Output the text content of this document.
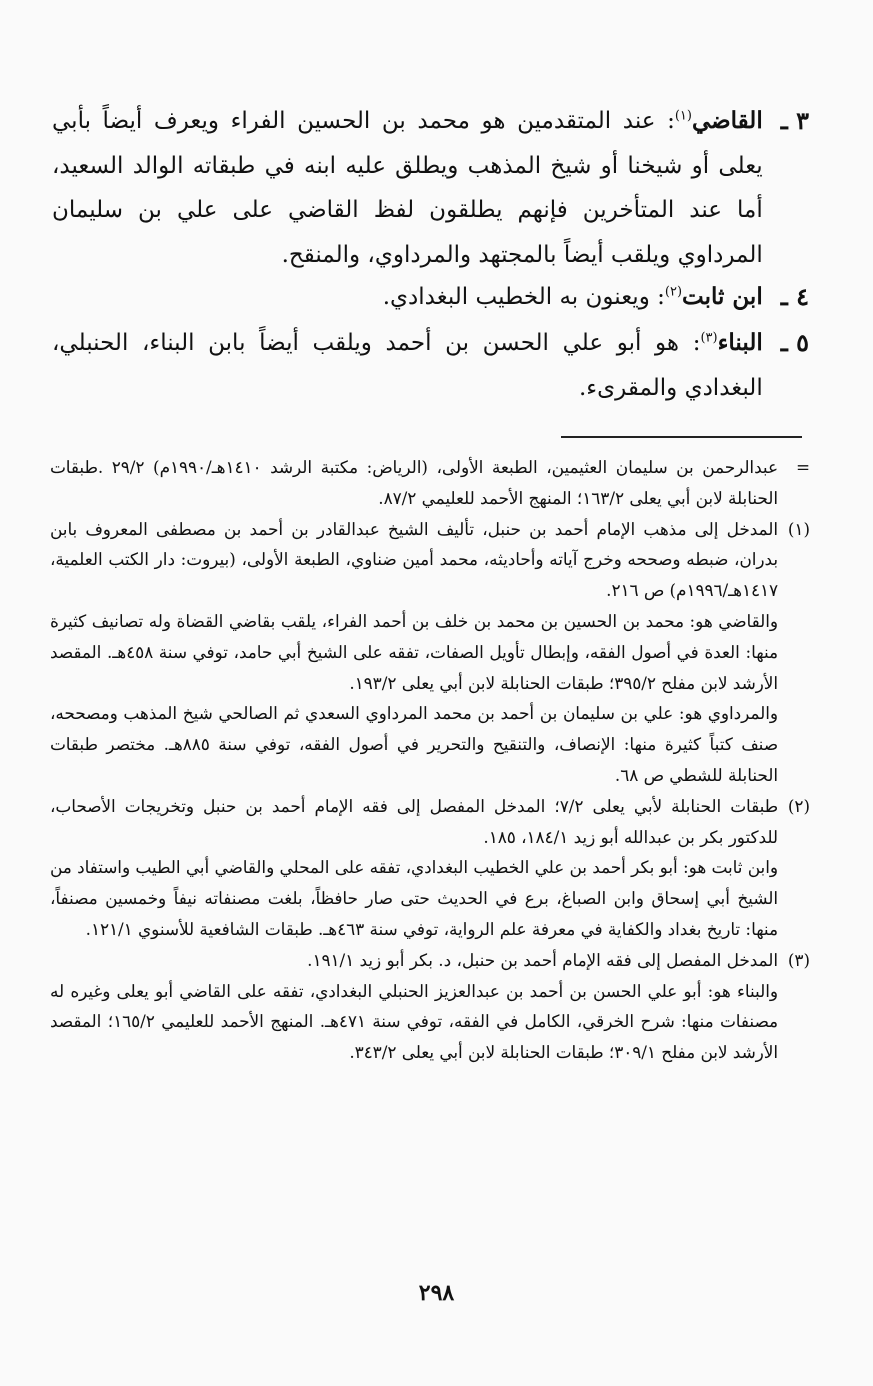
٣ ـ
القاضي$^{(١)}$: عند المتقدمين هو محمد بن الحسين الفراء ويعرف أيضاً بأبي يعلى أو شيخنا أو شيخ المذهب ويطلق عليه ابنه في طبقاته الوالد السعيد، أما عند المتأخرين فإنهم يطلقون لفظ القاضي على علي بن سليمان المرداوي ويلقب أيضاً بالمجتهد والمرداوي، والمنقح.
٤ ـ
ابن ثابت$^{(٢)}$: ويعنون به الخطيب البغدادي.
٥ ـ
البناء$^{(٣)}$: هو أبو علي الحسن بن أحمد ويلقب أيضاً بابن البناء، الحنبلي، البغدادي والمقرىء.
=

عبدالرحمن بن سليمان العثيمين، الطبعة الأولى، (الرياض: مكتبة الرشد ١٤١٠هـ/١٩٩٠م) ٢٩/٢ .طبقات الحنابلة لابن أبي يعلى ١٦٣/٢؛ المنهج الأحمد للعليمي ٨٧/٢.

(١)

المدخل إلى مذهب الإمام أحمد بن حنبل، تأليف الشيخ عبدالقادر بن أحمد بن مصطفى المعروف بابن بدران، ضبطه وصححه وخرج آياته وأحاديثه، محمد أمين ضناوي، الطبعة الأولى، (بيروت: دار الكتب العلمية، ١٤١٧هـ/١٩٩٦م) ص ٢١٦.

والقاضي هو: محمد بن الحسين بن محمد بن خلف بن أحمد الفراء، يلقب بقاضي القضاة وله تصانيف كثيرة منها: العدة في أصول الفقه، وإبطال تأويل الصفات، تفقه على الشيخ أبي حامد، توفي سنة ٤٥٨هـ. المقصد الأرشد لابن مفلح ٣٩٥/٢؛ طبقات الحنابلة لابن أبي يعلى ١٩٣/٢.

والمرداوي هو: علي بن سليمان بن أحمد بن محمد المرداوي السعدي ثم الصالحي شيخ المذهب ومصححه، صنف كتباً كثيرة منها: الإنصاف، والتنقيح والتحرير في أصول الفقه، توفي سنة ٨٨٥هـ. مختصر طبقات الحنابلة للشطي ص ٦٨.

(٢)

طبقات الحنابلة لأبي يعلى ٧/٢؛ المدخل المفصل إلى فقه الإمام أحمد بن حنبل وتخريجات الأصحاب، للدكتور بكر بن عبدالله أبو زيد ١٨٤/١، ١٨٥.

وابن ثابت هو: أبو بكر أحمد بن علي الخطيب البغدادي، تفقه على المحلي والقاضي أبي الطيب واستفاد من الشيخ أبي إسحاق وابن الصباغ، برع في الحديث حتى صار حافظاً، بلغت مصنفاته نيفاً وخمسين مصنفاً، منها: تاريخ بغداد والكفاية في معرفة علم الرواية، توفي سنة ٤٦٣هـ. طبقات الشافعية للأسنوي ١٢١/١.

(٣)

المدخل المفصل إلى فقه الإمام أحمد بن حنبل، د. بكر أبو زيد ١٩١/١.

والبناء هو: أبو علي الحسن بن أحمد بن عبدالعزيز الحنبلي البغدادي، تفقه على القاضي أبو يعلى وغيره له مصنفات منها: شرح الخرقي، الكامل في الفقه، توفي سنة ٤٧١هـ. المنهج الأحمد للعليمي ١٦٥/٢؛ المقصد الأرشد لابن مفلح ٣٠٩/١؛ طبقات الحنابلة لابن أبي يعلى ٣٤٣/٢.

٢٩٨
